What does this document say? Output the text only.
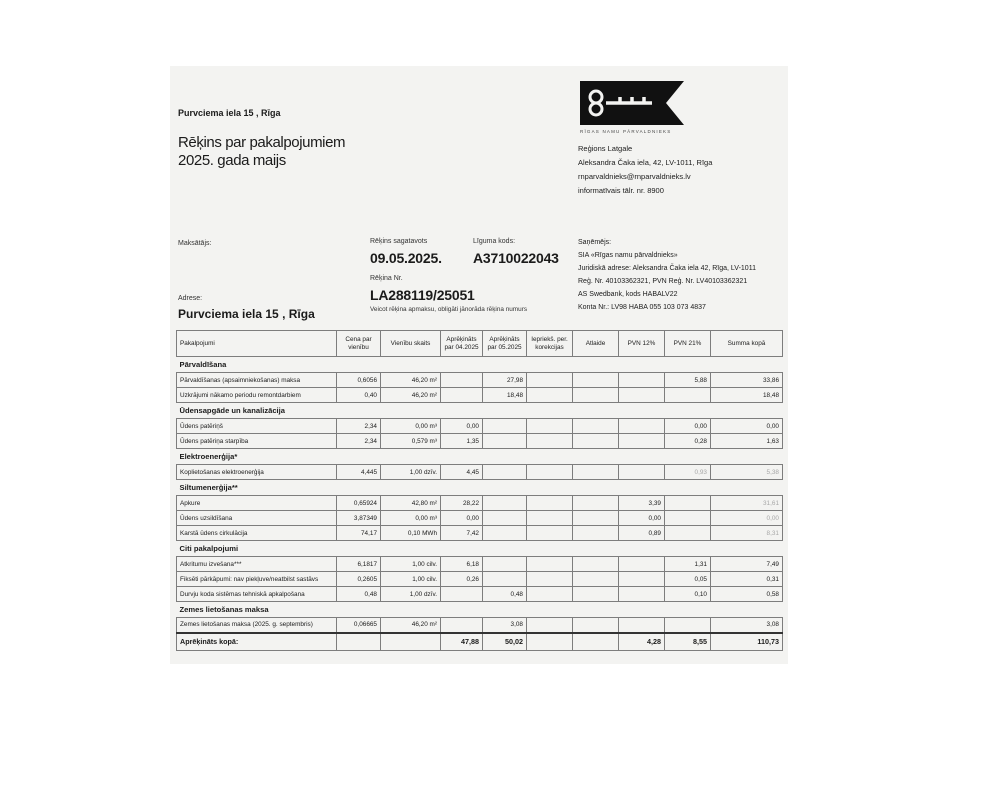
Purvciema iela 15 , Rīga
Rēķins par pakalpojumiem
2025. gada maijs
RĪGAS NAMU PĀRVALDNIEKS
Reģions Latgale
Aleksandra Čaka iela, 42, LV-1011, Rīga
rnparvaldnieks@rnparvaldnieks.lv
informatīvais tālr. nr. 8900
Maksātājs:
Adrese:
Purvciema iela 15 , Rīga
Rēķins sagatavots
09.05.2025.
Līguma kods:
A3710022043
Rēķina Nr.
LA288119/25051
Veicot rēķina apmaksu, obligāti jānorāda rēķina numurs
Saņēmējs:
SIA «Rīgas namu pārvaldnieks»
Juridiskā adrese: Aleksandra Čaka iela 42, Rīga, LV-1011
Reģ. Nr. 40103362321, PVN Reģ. Nr. LV40103362321
AS Swedbank, kods HABALV22
Konta Nr.: LV98 HABA 055 103 073 4837
Pakalpojumi	Cena par vienību	Vienību skaits	Aprēķināts par 04.2025	Aprēķināts par 05.2025	Iepriekš. per. korekcijas	Atlaide	PVN 12%	PVN 21%	Summa kopā
Pārvaldīšana									
Pārvaldīšanas (apsaimniekošanas) maksa	0,6056	46,20 m²		27,98				5,88	33,86
Uzkrājumi nākamo periodu remontdarbiem	0,40	46,20 m²		18,48					18,48
Ūdensapgāde un kanalizācija									
Ūdens patēriņš	2,34	0,00 m³	0,00					0,00	0,00
Ūdens patēriņa starpība	2,34	0,579 m³	1,35					0,28	1,63
Elektroenerģija*									
Koplietošanas elektroenerģija	4,445	1,00 dzīv.	4,45					0,93	5,38
Siltumenerģija**									
Apkure	0,65924	42,80 m²	28,22				3,39		31,61
Ūdens uzsildīšana	3,87349	0,00 m³	0,00				0,00		0,00
Karstā ūdens cirkulācija	74,17	0,10 MWh	7,42				0,89		8,31
Citi pakalpojumi									
Atkritumu izvešana***	6,1817	1,00 cilv.	6,18					1,31	7,49
Fiksēti pārkāpumi: nav piekļuve/neatbilst sastāvs	0,2605	1,00 cilv.	0,26					0,05	0,31
Durvju koda sistēmas tehniskā apkalpošana	0,48	1,00 dzīv.		0,48				0,10	0,58
Zemes lietošanas maksa									
Zemes lietošanas maksa (2025. g. septembris)	0,06665	46,20 m²		3,08					3,08
Aprēķināts kopā:			47,88	50,02			4,28	8,55	110,73
